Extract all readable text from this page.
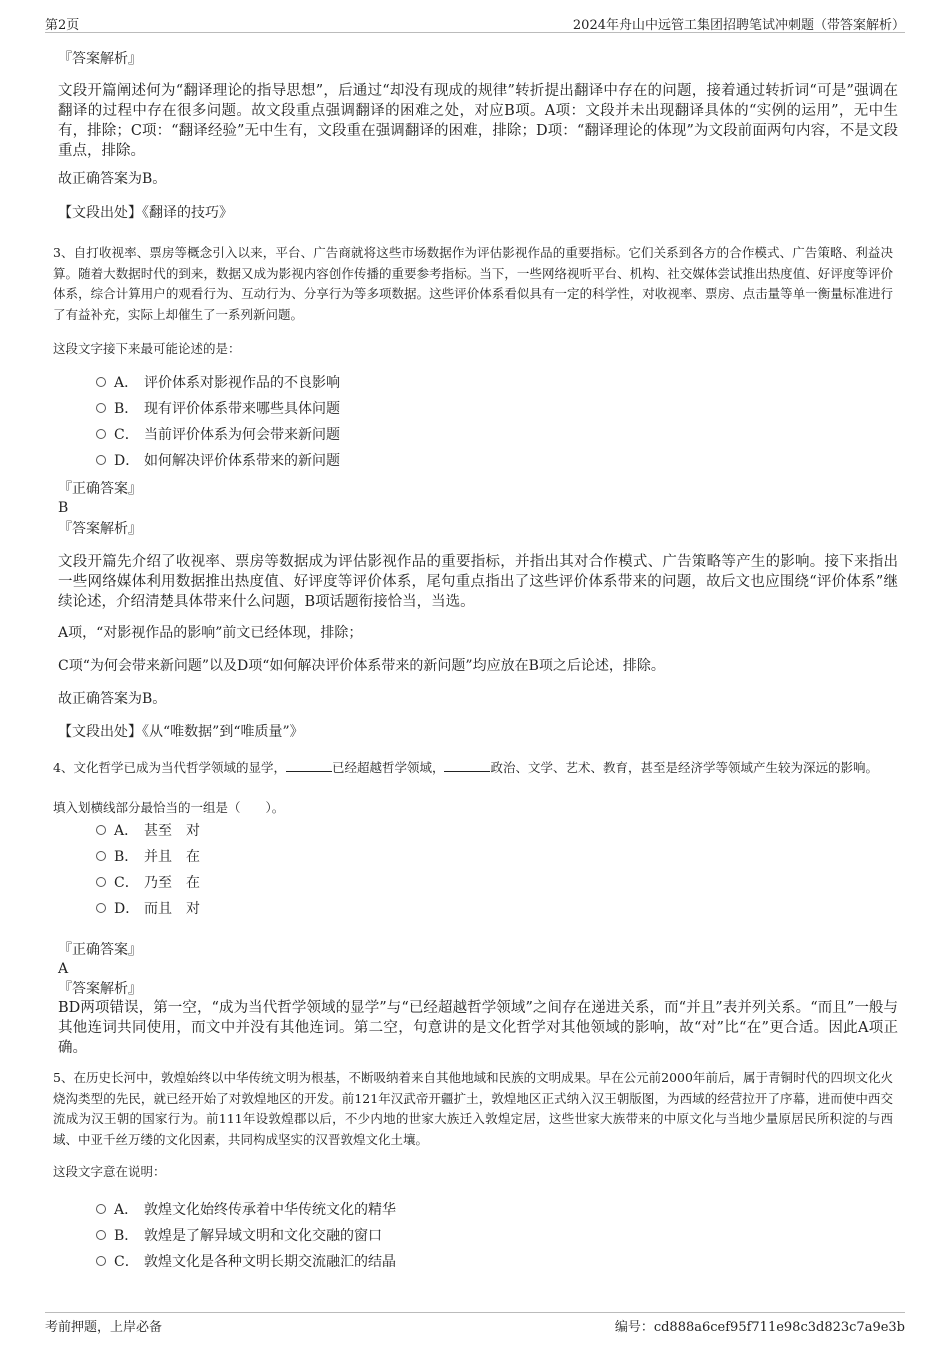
第2页	2024年舟山中远管工集团招聘笔试冲刺题（带答案解析）
『答案解析』
文段开篇阐述何为“翻译理论的指导思想”，后通过“却没有现成的规律”转折提出翻译中存在的问题，接着通过转折词“可是”强调在翻译的过程中存在很多问题。故文段重点强调翻译的困难之处，对应B项。A项：文段并未出现翻译具体的“实例的运用”，无中生有，排除；C项：“翻译经验”无中生有，文段重在强调翻译的困难，排除；D项：“翻译理论的体现”为文段前面两句内容，不是文段重点，排除。
故正确答案为B。
【文段出处】《翻译的技巧》
3、自打收视率、票房等概念引入以来，平台、广告商就将这些市场数据作为评估影视作品的重要指标。它们关系到各方的合作模式、广告策略、利益决算。随着大数据时代的到来，数据又成为影视内容创作传播的重要参考指标。当下，一些网络视听平台、机构、社交媒体尝试推出热度值、好评度等评价体系，综合计算用户的观看行为、互动行为、分享行为等多项数据。这些评价体系看似具有一定的科学性，对收视率、票房、点击量等单一衡量标准进行了有益补充，实际上却催生了一系列新问题。
这段文字接下来最可能论述的是：
A． 评价体系对影视作品的不良影响
B． 现有评价体系带来哪些具体问题
C． 当前评价体系为何会带来新问题
D． 如何解决评价体系带来的新问题
『正确答案』
B
『答案解析』
文段开篇先介绍了收视率、票房等数据成为评估影视作品的重要指标，并指出其对合作模式、广告策略等产生的影响。接下来指出一些网络媒体利用数据推出热度值、好评度等评价体系，尾句重点指出了这些评价体系带来的问题，故后文也应围绕“评价体系”继续论述，介绍清楚具体带来什么问题，B项话题衔接恰当，当选。
A项，“对影视作品的影响”前文已经体现，排除；
C项“为何会带来新问题”以及D项“如何解决评价体系带来的新问题”均应放在B项之后论述，排除。
故正确答案为B。
【文段出处】《从“唯数据”到“唯质量”》
4、文化哲学已成为当代哲学领域的显学，	已经超越哲学领域，	政治、文学、艺术、教育，甚至是经济学等领域产生较为深远的影响。
填入划横线部分最恰当的一组是（　　）。
A． 甚至　对
B． 并且　在
C． 乃至　在
D． 而且　对
『正确答案』
A
『答案解析』
BD两项错误，第一空，“成为当代哲学领域的显学”与“已经超越哲学领域”之间存在递进关系，而“并且”表并列关系。“而且”一般与其他连词共同使用，而文中并没有其他连词。第二空，句意讲的是文化哲学对其他领域的影响，故“对”比“在”更合适。因此A项正确。
5、在历史长河中，敦煌始终以中华传统文明为根基，不断吸纳着来自其他地域和民族的文明成果。早在公元前2000年前后，属于青铜时代的四坝文化火烧沟类型的先民，就已经开始了对敦煌地区的开发。前121年汉武帝开疆扩土，敦煌地区正式纳入汉王朝版图，为西域的经营拉开了序幕，进而使中西交流成为汉王朝的国家行为。前111年设敦煌郡以后，不少内地的世家大族迁入敦煌定居，这些世家大族带来的中原文化与当地少量原居民所积淀的与西域、中亚千丝万缕的文化因素，共同构成坚实的汉晋敦煌文化土壤。
这段文字意在说明：
A． 敦煌文化始终传承着中华传统文化的精华
B． 敦煌是了解异域文明和文化交融的窗口
C． 敦煌文化是各种文明长期交流融汇的结晶
考前押题，上岸必备	编号：cd888a6cef95f711e98c3d823c7a9e3b
